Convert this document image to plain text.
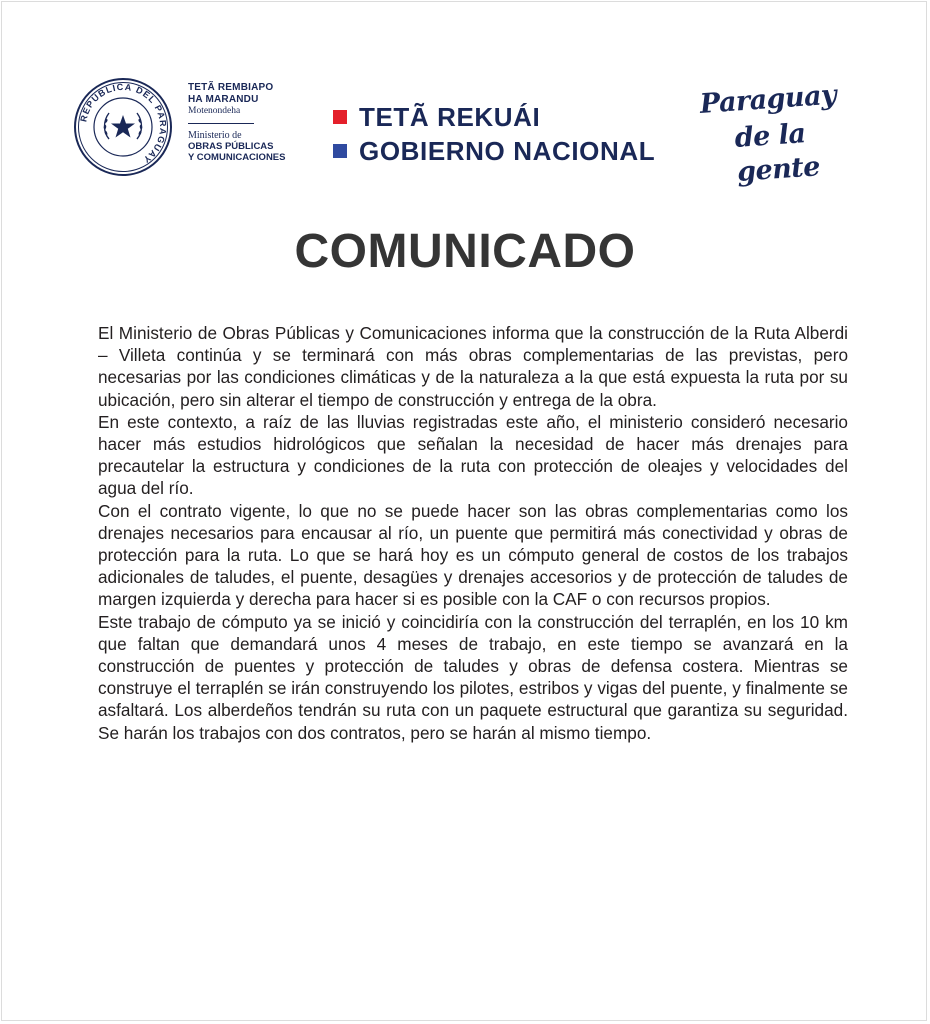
REPÚBLICA DEL PARAGUAY
TETÃ REMBIAPO
HA MARANDU
Motenondeha
Ministerio de
OBRAS PÚBLICAS
Y COMUNICACIONES
TETÃ REKUÁI
GOBIERNO NACIONAL
Paraguay
de la gente
COMUNICADO

El Ministerio de Obras Públicas y Comunicaciones informa que la construcción de la Ruta Alberdi – Villeta continúa y se terminará con más obras complementarias de las previstas, pero necesarias por las condiciones climáticas y de la naturaleza a la que está expuesta la ruta por su ubicación, pero sin alterar el tiempo de construcción y entrega de la obra.

En este contexto, a raíz de las lluvias registradas este año, el ministerio consideró necesario hacer más estudios hidrológicos que señalan la necesidad de hacer más drenajes para precautelar la estructura y condiciones de la ruta con protección de oleajes y velocidades del agua del río.

Con el contrato vigente, lo que no se puede hacer son las obras complementarias como los drenajes necesarios para encausar al río, un puente que permitirá más conectividad y obras de protección para la ruta. Lo que se hará hoy es un cómputo general de costos de los trabajos adicionales de taludes, el puente, desagües y drenajes accesorios y de protección de taludes de margen izquierda y derecha para hacer si es posible con la CAF o con recursos propios.

Este trabajo de cómputo ya se inició y coincidiría con la construcción del terraplén, en los 10 km que faltan que demandará unos 4 meses de trabajo, en este tiempo se avanzará en la construcción de puentes y protección de taludes y obras de defensa costera. Mientras se construye el terraplén se irán construyendo los pilotes, estribos y vigas del puente, y finalmente se asfaltará. Los alberdeños tendrán su ruta con un paquete estructural que garantiza su seguridad. Se harán los trabajos con dos contratos, pero se harán al mismo tiempo.
